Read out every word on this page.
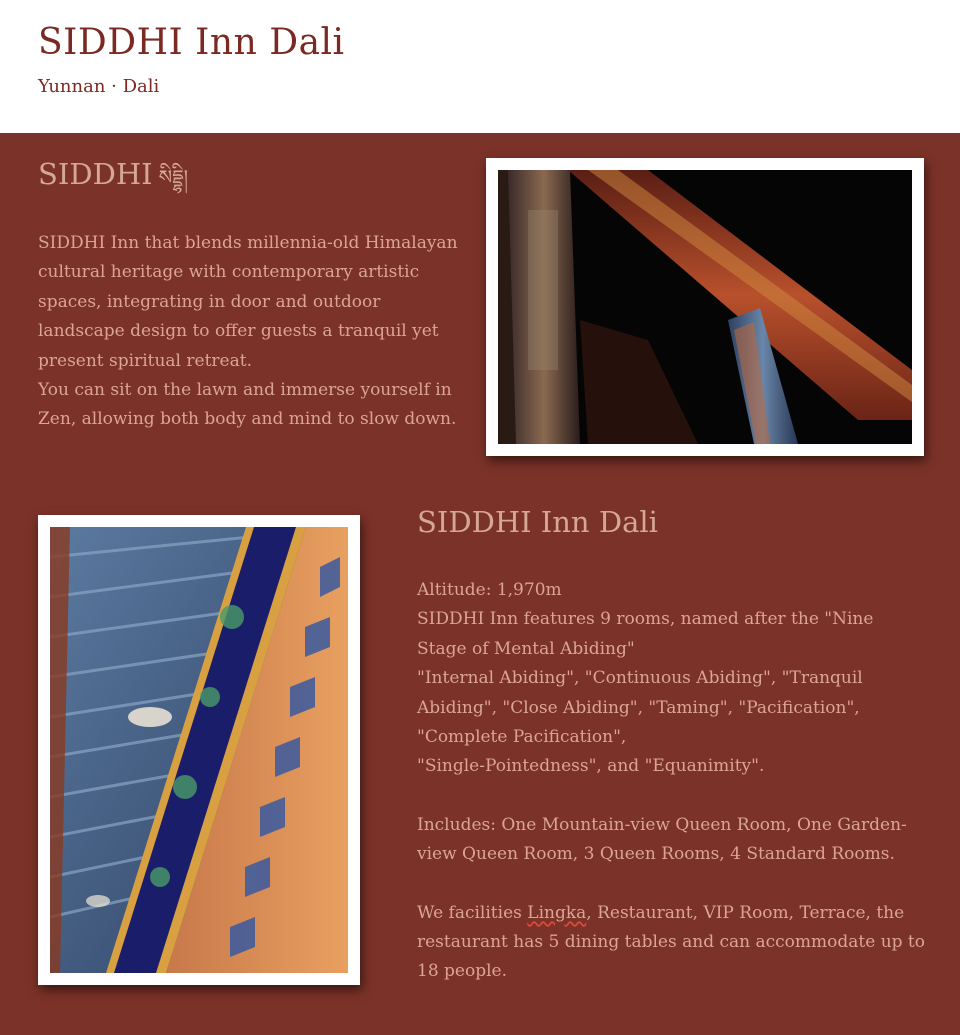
SIDDHI Inn Dali
Yunnan · Dali
SIDDHI སིདྡྷི།

SIDDHI Inn that blends millennia-old Himalayan cultural heritage with contemporary artistic spaces, integrating in door and outdoor landscape design to offer guests a tranquil yet present spiritual retreat.

You can sit on the lawn and immerse yourself in Zen, allowing both body and mind to slow down.

SIDDHI Inn Dali

Altitude: 1,970m

SIDDHI Inn features 9 rooms, named after the "Nine Stage of Mental Abiding"

"Internal Abiding", "Continuous Abiding", "Tranquil Abiding", "Close Abiding", "Taming", "Pacification", "Complete Pacification",

"Single-Pointedness", and "Equanimity".

Includes: One Mountain-view Queen Room, One Garden-view Queen Room, 3 Queen Rooms, 4 Standard Rooms.

We facilities Lingka, Restaurant, VIP Room, Terrace, the restaurant has 5 dining tables and can accommodate up to 18 people.
